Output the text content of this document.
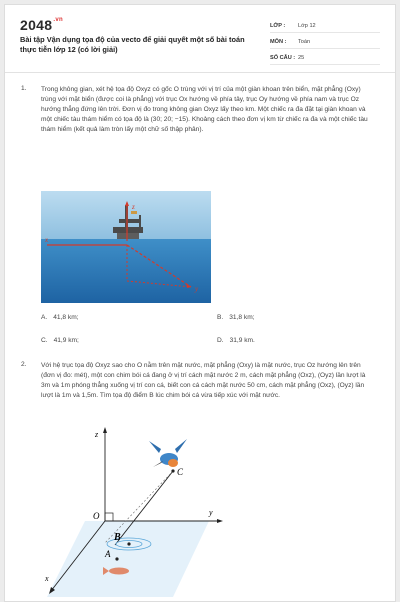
$2048^{.vn}$
Bài tập Vận dụng tọa độ của vecto để giải quyết một số bài toán thực tiễn lớp 12 (có lời giải)
LỚP :	Lớp 12
MÔN :	Toán
SỐ CÂU : 25
1. Trong không gian, xét hệ tọa độ Oxyz có gốc O trùng với vị trí của một giàn khoan trên biển, mặt phẳng (Oxy) trùng với mặt biển (được coi là phẳng) với trục Ox hướng về phía tây, trục Oy hướng về phía nam và trục Oz hướng thẳng đứng lên trời. Đơn vị đo trong không gian Oxyz lấy theo km. Một chiếc ra đa đặt tại giàn khoan và một chiếc tàu thám hiểm có tọa độ là (30; 20; −15). Khoảng cách theo đơn vị km từ chiếc ra đa và một chiếc tàu thám hiểm (kết quả làm tròn lấy một chữ số thập phân).
z
y
x
A. 41,8 km;	B. 31,8 km;
C. 41,9 km;	D. 31,9 km.
2. Với hệ trục tọa độ Oxyz sao cho O nằm trên mặt nước, mặt phẳng (Oxy) là mặt nước, trục Oz hướng lên trên (đơn vị đo: mét), một con chim bói cá đang ở vị trí cách mặt nước 2 m, cách mặt phẳng (Oxz), (Oyz) lần lượt là 3m và 1m phóng thẳng xuống vị trí con cá, biết con cá cách mặt nước 50 cm, cách mặt phẳng (Oxz), (Oyz) lần lượt là 1m và 1,5m. Tìm tọa độ điểm B lúc chim bói cá vừa tiếp xúc với mặt nước.
z
y
x
O
C
B
A
